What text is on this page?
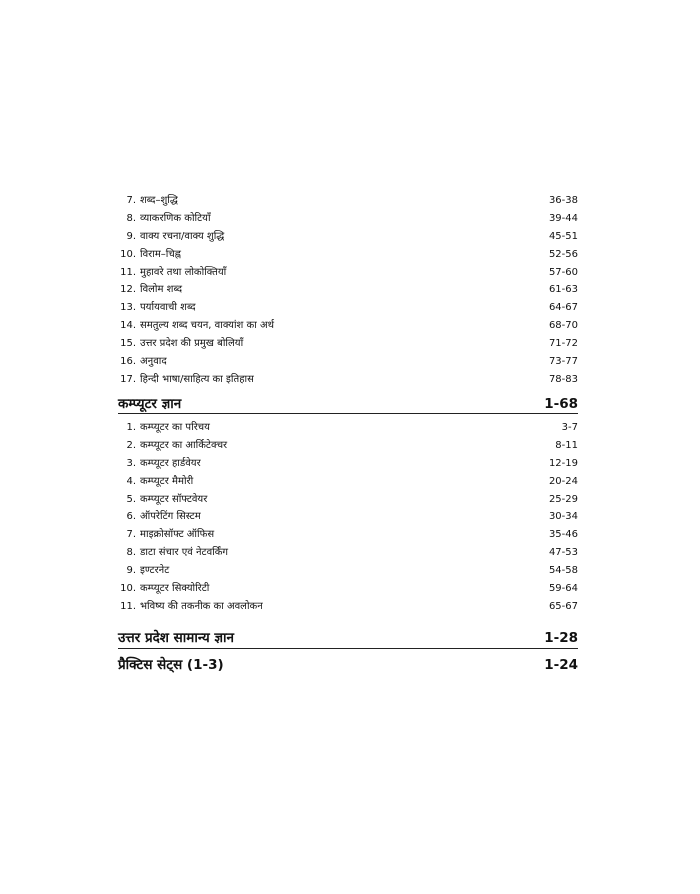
7. शब्द–शुद्धि	36-38
8. व्याकरणिक कोटियाँ	39-44
9. वाक्य रचना/वाक्य शुद्धि	45-51
10. विराम–चिह्न	52-56
11. मुहावरे तथा लोकोक्तियाँ	57-60
12. विलोम शब्द	61-63
13. पर्यायवाची शब्द	64-67
14. समतुल्य शब्द चयन, वाक्यांश का अर्थ	68-70
15. उत्तर प्रदेश की प्रमुख बोलियाँ	71-72
16. अनुवाद	73-77
17. हिन्दी भाषा/साहित्य का इतिहास	78-83
कम्प्यूटर ज्ञान	1-68
1. कम्प्यूटर का परिचय	3-7
2. कम्प्यूटर का आर्किटेक्चर	8-11
3. कम्प्यूटर हार्डवेयर	12-19
4. कम्प्यूटर मैमोरी	20-24
5. कम्प्यूटर सॉफ्टवेयर	25-29
6. ऑपरेटिंग सिस्टम	30-34
7. माइक्रोसॉफ्ट ऑफिस	35-46
8. डाटा संचार एवं नेटवर्किंग	47-53
9. इण्टरनेट	54-58
10. कम्प्यूटर सिक्योरिटी	59-64
11. भविष्य की तकनीक का अवलोकन	65-67
उत्तर प्रदेश सामान्य ज्ञान	1-28
प्रैक्टिस सेट्स (1-3)	1-24
